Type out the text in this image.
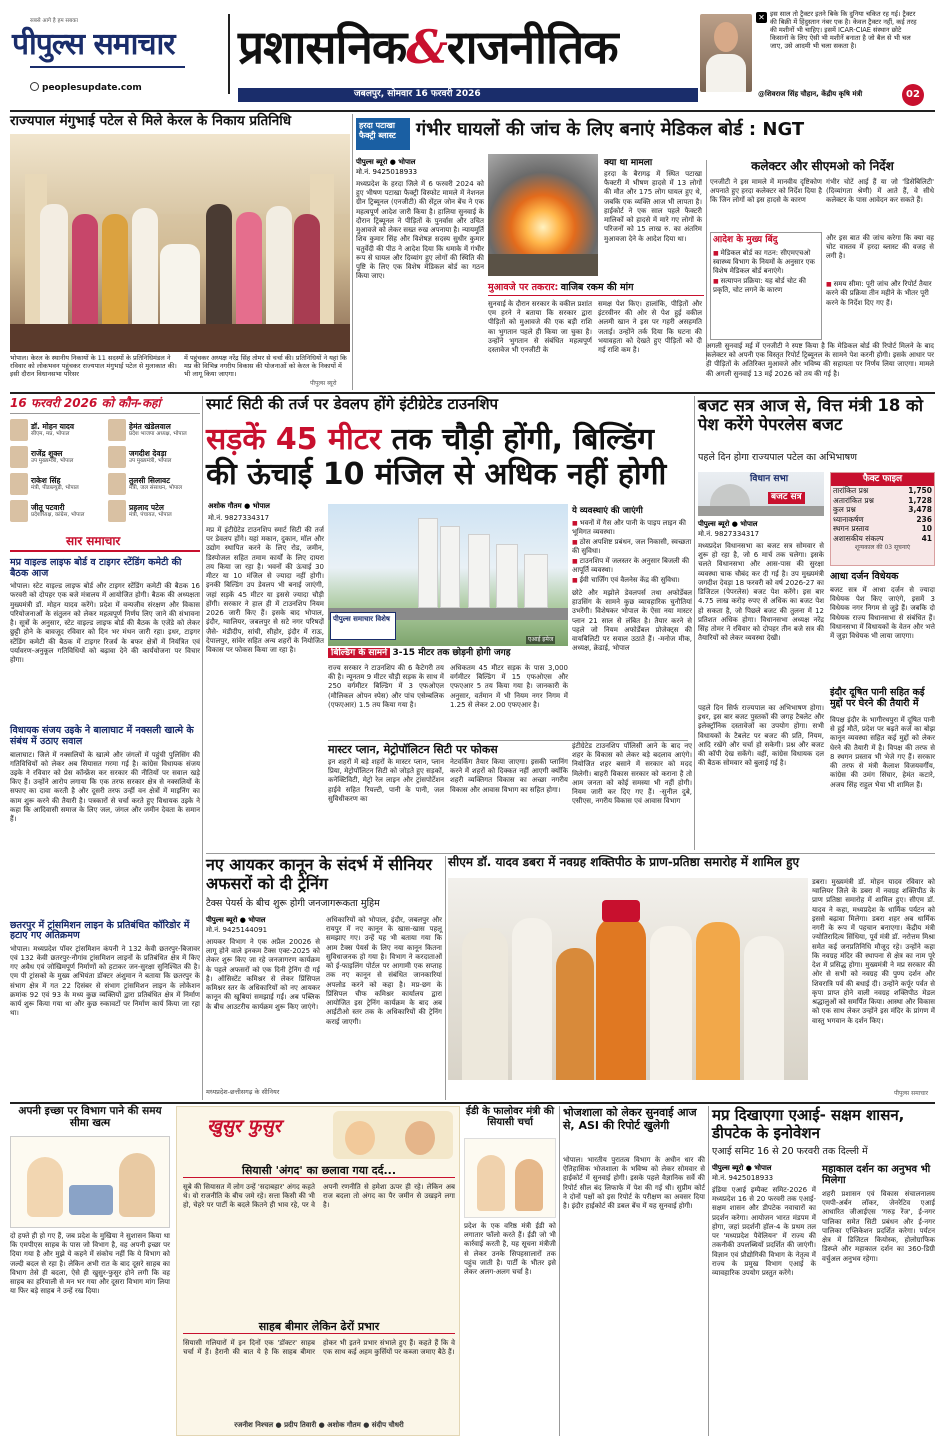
सबसे आगे है हम सबका
पीपुल्स समाचार
peoplesupdate.com
प्रशासनिक&राजनीतिक
जबलपुर, सोमवार 16 फरवरी 2026
✕ इस साल तो ट्रैक्टर इतने बिके कि दुनिया चकित रह गई। ट्रैक्टर की बिक्री में हिंदुस्तान नंबर एक है। केवल ट्रैक्टर नहीं, कई तरह की मशीनों भी चाहिए। इसमें ICAR-CIAE संस्थान छोटे किसानों के लिए ऐसी भी मशीनें बनाता है जो बैल से भी चल जाए, उसे आदमी भी चला सकता है।
@शिवराज सिंह चौहान, केंद्रीय कृषि मंत्री	02
राज्यपाल मंगुभाई पटेल से मिले केरल के निकाय प्रतिनिधि
भोपाल। केरल के स्थानीय निकायों के 11 सदस्यों के प्रतिनिधिमंडल ने रविवार को लोकभवन पहुंचकर राज्यपाल मंगुभाई पटेल से मुलाकात की। इसी दौरान विधानसभा परिसर
में पहुंचकर अध्यक्ष नरेंद्र सिंह तोमर से चर्चा की। प्रतिनिधियों ने यहां कि मप्र की विभिन्न नगरीय विकास की योजनाओं को केरल के निकायों में भी लागू किया जाएगा।
पीपुल्स ब्यूरो
हरदा पटाखा फैक्ट्री ब्लास्ट	गंभीर घायलों की जांच के लिए बनाएं मेडिकल बोर्ड : NGT
पीपुल्स ब्यूरो ● भोपाल
मो.नं. 9425018933
मध्यप्रदेश के हरदा जिले में 6 फरवरी 2024 को हुए भीषण पटाखा फैक्ट्री विस्फोट मामले में नेशनल ग्रीन ट्रिब्यूनल (एनजीटी) की सेंट्रल जोन बेंच ने एक महत्वपूर्ण आदेश जारी किया है। हालिया सुनवाई के दौरान ट्रिब्यूनल ने पीड़ितों के पुनर्वास और उचित मुआवजे को लेकर सख्त रुख अपनाया है। न्यायमूर्ति शिव कुमार सिंह और विशेषज्ञ सदस्य सुधीर कुमार चतुर्वेदी की पीठ ने आदेश दिया कि धमाके में गंभीर रूप से घायल और दिव्यांग हुए लोगों की स्थिति की पुष्टि के लिए एक विशेष मेडिकल बोर्ड का गठन किया जाए।
क्या था मामला
हरदा के बैरागढ़ में स्थित पटाखा फैक्टरी में भीषण हादसे में 13 लोगों की मौत और 175 लोग घायल हुए थे, जबकि एक व्यक्ति आज भी लापता है। हाईकोर्ट ने एक साल पहले फैक्टरी मालिकों को हादसे में मारे गए लोगों के परिजनों को 15 लाख रु. का अंतरिम मुआवजा देने के आदेश दिया था।
मुआवजे पर तकरार: वाजिब रकम की मांग
सुनवाई के दौरान सरकार के वकील प्रशांत एम हरने ने बताया कि सरकार द्वारा पीड़ितों को मुआवजे की एक बड़ी राशि का भुगतान पहले ही किया जा चुका है। उन्होंने भुगतान से संबंधित महत्वपूर्ण दस्तावेज भी एनजीटी के
समक्ष पेश किए। हालांकि, पीड़ितों और इंटरवीनर की ओर से पेश हुई वकील अलमी खान ने इस पर गहरी असहमति जताई। उन्होंने तर्क दिया कि घटना की भयावहता को देखते हुए पीड़ितों को दी गई राशि कम है।
कलेक्टर और सीएमओ को निर्देश
एनजीटी ने इस मामले में मानवीय दृष्टिकोण अपनाते हुए हरदा कलेक्टर को निर्देश दिया है कि जिन लोगों को इस हादसे के कारण
गंभीर चोटें आई हैं या जो 'डिसेबिलिटी' (दिव्यांगता श्रेणी) में आते हैं, वे सीधे कलेक्टर के पास आवेदन कर सकते हैं।
आदेश के मुख्य बिंदु
■ मेडिकल बोर्ड का गठन: सीएमएचओ स्वास्थ्य विभाग के नियमों के अनुसार एक विशेष मेडिकल बोर्ड बनाएंगे।
■ सत्यापन प्रक्रिया: यह बोर्ड चोट की प्रकृति, चोट लगने के कारण
और इस बात की जांच करेगा कि क्या वह चोट वास्तव में हरदा ब्लास्ट की वजह से लगी है।
■ समय सीमा: पूरी जांच और रिपोर्ट तैयार करने की प्रक्रिया तीन महीने के भीतर पूरी करने के निर्देश दिए गए हैं।
अगली सुनवाई मई में एनजीटी ने स्पष्ट किया है कि मेडिकल बोर्ड की रिपोर्ट मिलने के बाद कलेक्टर को अपनी एक विस्तृत रिपोर्ट ट्रिब्यूनल के सामने पेश करनी होगी। इसके आधार पर ही पीड़ितों के अतिरिक्त मुआवजे और भविष्य की सहायता पर निर्णय लिया जाएगा। मामले की अगली सुनवाई 13 मई 2026 को तय की गई है।
16 फरवरी 2026 को कौन-कहां
डॉ. मोहन यादव
सीएम, मप्र, भोपाल
हेमंत खंडेलवाल
प्रदेश भाजपा अध्यक्ष, भोपाल
राजेंद्र शुक्ल
उप मुख्यमंत्री, भोपाल
जगदीश देवड़ा
उप मुख्यमंत्री, भोपाल
राकेश सिंह
मंत्री, पीडब्ल्यूडी, भोपाल
तुलसी सिलावट
मंत्री, जल संसाधन, भोपाल
जीतू पटवारी
प्रदेशाध्यक्ष, कांग्रेस, भोपाल
प्रहलाद पटेल
मंत्री, पंचायत, भोपाल
सार समाचार
मप्र वाइल्ड लाइफ बोर्ड व टाइगर स्टेंडिंग कमेटी की बैठक आज
भोपाल। स्टेट वाइल्ड लाइफ बोर्ड और टाइगर स्टेंडिंग कमेटी की बैठक 16 फरवरी को दोपहर एक बजे मंत्रालय में आयोजित होगी। बैठक की अध्यक्षता मुख्यमंत्री डॉ. मोहन यादव करेंगे। प्रदेश में वन्यजीव संरक्षण और विकास परियोजनाओं के संतुलन को लेकर महत्वपूर्ण निर्णय लिए जाने की संभावना है। सूत्रों के अनुसार, स्टेट वाइल्ड लाइफ बोर्ड की बैठक के एजेंडे को लेकर छुट्टी होने के बावजूद रविवार को दिन भर मंथन जारी रहा। इधर, टाइगर स्टेंडिंग कमेटी की बैठक में टाइगर रिजर्व के बफर क्षेत्रों में नियंत्रित एवं पर्यावरण-अनुकूल गतिविधियों को बढ़ावा देने की कार्ययोजना पर विचार होगा।
विधायक संजय उइके ने बालाघाट में नक्सली खात्मे के संबंध में उठाए सवाल
बालाघाट। जिले में नक्सलियों के खात्मे और जंगलों में पहुंची पुलिसिंग की गतिविधियों को लेकर अब सियासत गरमा गई है। कांग्रेस विधायक संजय उइके ने रविवार को प्रेस कॉन्फ्रेंस कर सरकार की नीतियों पर सवाल खड़े किए हैं। उन्होंने आरोप लगाया कि एक तरफ सरकार क्षेत्र से नक्सलियों के सफाए का दावा करती है और दूसरी तरफ उन्हीं वन क्षेत्रों में माइनिंग का काम शुरू करने की तैयारी है। पत्रकारों से चर्चा करते हुए विधायक उइके ने कहा कि आदिवासी समाज के लिए जल, जंगल और जमीन देवता के समान हैं।
छतरपुर में ट्रांसमिशन लाइन के प्रतिबंधित कॉरिडोर में हटाए गए अतिक्रमण
भोपाल। मध्यप्रदेश पॉवर ट्रांसमिशन कंपनी ने 132 केवी छतरपुर-बिजावर एवं 132 केवी छतरपुर-नौगांव ट्रांसमिशन लाइनों के प्रतिबंधित क्षेत्र में किए गए अवैध एवं जोखिमपूर्ण निर्माणों को हटाकर जन-सुरक्षा सुनिश्चित की है। एम पी ट्रांसको के मुख्य अभियंता डॉक्टर अंशुमान ने बताया कि छतरपुर के संभाग क्षेत्र में गत 22 दिसंबर से संभाग ट्रांसमिशन लाइन के लोकेशन क्रमांक 92 एवं 93 के मध्य कुछ व्यक्तियों द्वारा प्रतिबंधित क्षेत्र में निर्माण कार्य शुरू किया गया था और कुछ रुकावटों पर निर्माण कार्य किया जा रहा था।
स्मार्ट सिटी की तर्ज पर डेवलप होंगे इंटीग्रेटेड टाउनशिप
सड़कें 45 मीटर तक चौड़ी होंगी, बिल्डिंग की ऊंचाई 10 मंजिल से अधिक नहीं होगी
अशोक गौतम ● भोपाल
मो.नं. 9827334317
मप्र में इंटीग्रेटेड टाउनशिप स्मार्ट सिटी की तर्ज पर डेवलप होंगे। यहां मकान, दुकान, मॉल और उद्योग स्थापित करने के लिए रोड, जमीन, डिस्पोजल सहित तमाम कार्यों के लिए दायरा तय किया जा रहा है। भवनों की ऊंचाई 30 मीटर या 10 मंजिल से ज्यादा नहीं होगी। इनकी बिल्डिंग उप डेवलप भी बनाई जाएंगी, जहां सड़कें 45 मीटर या इससे ज्यादा चौड़ी होंगी। सरकार ने हाल ही में टाउनशिप नियम 2026 जारी किए हैं। इसके बाद भोपाल, इंदौर, ग्वालियर, जबलपुर से सटे नगर परिषदों जैसे- मंडीदीप, सांची, सीहोर, इंदौर में राऊ, देपालपुर, सांवेर सहित अन्य शहरों के नियोजित विकास पर फोकस किया जा रहा है।
पीपुल्स समाचार विशेष
एआई इमेज
बिल्डिंग के सामने 3-15 मीटर तक छोड़नी होगी जगह
राज्य सरकार ने टाउनशिप की 6 कैटेगरी तय की है। न्यूनतम 9 मीटर चौड़ी सड़क के साथ में 250 वर्गमीटर बिल्डिंग में 3 एफओएल (मौलिकल ओपन स्पेस) और पांच एसेम्बलिक (एफएआर) 1.5 तय किया गया है।
अधिकतम 45 मीटर सड़क के पास 3,000 वर्गमीटर बिल्डिंग में 15 एफओएस और एफएआर 5 तय किया गया है। जानकारी के अनुसार, वर्तमान में भी नियम नगर निगम में 1.25 से लेकर 2.00 एफएआर है।
मास्टर प्लान, मेट्रोपॉलिटन सिटी पर फोकस
इन शहरों में बड़े शहरों के मास्टर प्लान, प्लान प्रिया, मेट्रोपॉलिटन सिटी को जोड़ते हुए सड़कों, कनेक्टिविटी, मेट्रो रेल लाइन और ट्रांसपोर्टेशन हाईवे सहित रियल्टी, पानी के पानी, जल सुविधीकरण का
नेटवर्किंग तैयार किया जाएगा। इसकी प्लानिंग करने में शहरों को दिक्कत नहीं आएगी क्योंकि शहरी व्यक्तिगत विकास का अच्छा नगरीय विकास और आवास विभाग का सहित होगा।
ये व्यवस्थाएं की जाएंगी
■ भवनों में गैस और पानी के पाइप लाइन की भूमिगत व्यवस्था।
■ ठोस अपशिष्ट प्रबंधन, जल निकासी, स्वच्छता की सुविधा।
■ टाउनशिप में जलस्तर के अनुसार बिजली की आपूर्ति व्यवस्था।
■ ईवी चार्जिंग एवं वैलनेस केंद्र की सुविधा।
छोटे और मझोले डेवलपर्स तथा अफोर्डेबल हाउसिंग के सामने कुछ व्यावहारिक चुनौतियां उभरेंगी। विशेषकर भोपाल के ऐसा नया मास्टर प्लान 21 साल से लंबित है। तैयार करने से पहले जो नियम अफोर्डेबल प्रोजेक्ट्स की वायबिलिटी पर सवाल उठाते हैं। -मनोज मीक, अध्यक्ष, क्रेडाई, भोपाल
इंटीग्रेटेड टाउनशिप पॉलिसी आने के बाद नए शहर के विकास को लेकर बड़े बदलाव आएंगे। नियोजित शहर बसाने में सरकार को मदद मिलेगी। बाहरी विकास सरकार को कराना है तो आम जनता को कोई समस्या भी नहीं होगी। नियम जारी कर दिए गए हैं। -सुनील दुबे, एसीएस, नगरीय विकास एवं आवास विभाग
बजट सत्र आज से, वित्त मंत्री 18 को पेश करेंगे पेपरलेस बजट
पहले दिन होगा राज्यपाल पटेल का अभिभाषण
विधान सभा
बजट सत्र
पीपुल्स ब्यूरो ● भोपाल
मो.नं. 9827334317
मध्यप्रदेश विधानसभा का बजट सत्र सोमवार से शुरू हो रहा है, जो 6 मार्च तक चलेगा। इसके चलते विधानसभा और आस-पास की सुरक्षा व्यवस्था चाक चौबंद कर दी गई है। उप मुख्यमंत्री जगदीश देवड़ा 18 फरवरी को वर्ष 2026-27 का डिजिटल (पेपरलेस) बजट पेश करेंगे। इस बार 4.75 लाख करोड़ रुपए से अधिक का बजट पेश हो सकता है, जो पिछले बजट की तुलना में 12 प्रतिशत अधिक होगा। विधानसभा अध्यक्ष नरेंद्र सिंह तोमर ने रविवार को दोपहर तीन बजे सत्र की तैयारियों को लेकर व्यवस्था देखी।
पहले दिन सिर्फ राज्यपाल का अभिभाषण होगा। इधर, इस बार बजट पुस्तकों की जगह टैबलेट और इलेक्ट्रॉनिक दस्तावेजों का उपयोग होगा। सभी विधायकों के टैबलेट पर बजट की प्रति, नियम, आदि रखेंगे और चर्चा हो सकेगी। प्रश्न और बजट की कॉपी देख सकेंगे। वहीं, कांग्रेस विधायक दल की बैठक सोमवार को बुलाई गई है।
फैक्ट फाइल
तारांकित प्रश्न	1,750
अतारांकित प्रश्न	1,728
कुल प्रश्न	3,478
ध्यानाकर्षण	236
स्थगन प्रस्ताव	10
अशासकीय संकल्प	41
शून्यकाल की 03 सूचनाएं
आधा दर्जन विधेयक
बजट सत्र में आधा दर्जन से ज्यादा विधेयक पेश किए जाएंगे, इसमें 3 विधेयक नगर निगम से जुड़े हैं। जबकि दो विधेयक राज्य विधानसभा से संबंधित हैं। विधानसभा में विधायकों के वेतन और भत्ते में जुड़ा विधेयक भी लाया जाएगा।
इंदौर दूषित पानी सहित कई मुद्दों पर घेरने की तैयारी में
विपक्ष इंदौर के भागीरथपुरा में दूषित पानी से हुई मौतें, प्रदेश पर बढ़ते कर्ज का बोझ कानून व्यवस्था सहित कई मुद्दों को लेकर घेरने की तैयारी में है। विपक्ष की तरफ से 8 स्थगन प्रस्ताव भी भेजे गए हैं। सरकार की तरफ से मंत्री कैलाश विजयवर्गीय, कांग्रेस की उमंग सिंघार, हेमंत कटारे, अजय सिंह राहुल भैया भी शामिल हैं।
नए आयकर कानून के संदर्भ में सीनियर अफसरों को दी ट्रेनिंग
टैक्स पेयर्स के बीच शुरू होगी जनजागरूकता मुहिम
पीपुल्स ब्यूरो ● भोपाल
मो.नं. 9425144091
आयकर विभाग ने एक अप्रैल 20026 से लागू होने वाले इनकम टैक्स एक्ट-2025 को लेकर शुरू किए जा रहे जनजागरण कार्यक्रम के पहले अफसरों को एक दिनी ट्रेनिंग दी गई है। ऑसिस्टेंट कमिश्नर से लेकर प्रिंसिपल कमिश्नर स्तर के अधिकारियों को नए आयकर कानून की खूबियां समझाई गईं। अब पब्लिक के बीच आउटरीच कार्यक्रम शुरू किए जाएंगे।
अधिकारियों को भोपाल, इंदौर, जबलपुर और रायपुर में नए कानून के खास-खास पहलू समझाए गए। उन्हें यह भी बताया गया कि आम टैक्स पेयर्स के लिए नया कानून कितना सुविधाजनक हो गया है। विभाग ने करदाताओं को ई-फाइलिंग पोर्टल पर आगामी एक सप्ताह तक नए कानून से संबंधित जानकारियां अपलोड करने को कहा है। मप्र-छग के प्रिंसिपल चीफ कमिश्नर कार्यालय द्वारा आयोजित इस ट्रेनिंग कार्यक्रम के बाद अब आईटीओ स्तर तक के अधिकारियों की ट्रेनिंग कराई जाएगी।
मध्यप्रदेश-छत्तीसगढ़ के सीनियर
सीएम डॉ. यादव डबरा में नवग्रह शक्तिपीठ के प्राण-प्रतिष्ठा समारोह में शामिल हुए
डबरा। मुख्यमंत्री डॉ. मोहन यादव रविवार को ग्वालियर जिले के डबरा में नवग्रह शक्तिपीठ के प्राण प्रतिष्ठा समारोह में शामिल हुए। सीएम डॉ. यादव ने कहा, मध्यप्रदेश के धार्मिक पर्यटन को इससे बढ़ावा मिलेगा। डबरा शहर अब धार्मिक नगरी के रूप में पहचान बनाएगा। केंद्रीय मंत्री ज्योतिरादित्य सिंधिया, पूर्व मंत्री डॉ. नरोत्तम मिश्रा समेत कई जनप्रतिनिधि मौजूद रहे। उन्होंने कहा कि नवग्रह मंदिर की स्थापना से क्षेत्र का नाम पूरे देश में प्रसिद्ध होगा। मुख्यमंत्री ने मप्र सरकार की ओर से सभी को नवग्रह की पुण्य दर्शन और शिवरात्रि पर्व की बधाई दी। उन्होंने कर्पूर पर्वत से कृपा प्राप्त होने वाली नवग्रह शक्तिपीठ मेडल श्रद्धालुओं को समर्पित किया। आस्था और विकास को एक साथ लेकर उन्होंने इस मंदिर के प्रांगण में वास्तु भगवान के दर्शन किए।
पीपुल्स समाचार
अपनी इच्छा पर विभाग पाने की समय सीमा खत्म
दो हफ्ते ही हो गए हैं, जब प्रदेश के मुखिया ने सुशासन किया था कि एमपीएस साहब के पास जो विभाग है, वह अपनी इच्छा पर दिया गया है और मुझे ये कहने में संकोच नहीं कि ये विभाग को जल्दी बदल से रहा है। लेकिन अभी रात के बाद दूसरे साहब का विभाग तेसे ही बदला, ऐसे ही खुसुर-फुसुर होने लगी कि वह साहब का हरियाली से मन भर गया और दूसरा विभाग मांग लिया या फिर बड़े साहब ने उन्हें रख दिया।
खुसुर फुसुर
सियासी 'अंगद' का छलावा गया दर्द...
सूबे की सियासत में लोग उन्हें 'सदाबहार' अंगद कहते थे। वो राजनीति के बीच जमे रहे। सत्ता किसी की भी हो, चेहरे पर पार्टी के बदले कितने ही भाव रहे, पर वे अपनी रणनीति से हमेशा ऊपर ही रहे। लेकिन अब राज बदला तो अंगद का पैर जमीन से उखड़ने लगा है।
साहब बीमार लेकिन ढेरों प्रभार
सियासी गलियारों में इन दिनों एक 'डॉक्टर' साहब चर्चा में हैं। हैरानी की बात ये है कि साहब बीमार होकर भी इतने प्रभार संभाले हुए हैं। कहते हैं कि वे एक साथ कई अहम कुर्सियों पर कब्जा जमाए बैठे हैं।
रजनीश निश्चल ● प्रदीप तिवारी ● अशोक गौतम ● संदीप चौधरी
ईडी के फालोवर मंत्री की सियासी चर्चा
प्रदेश के एक वरिष्ठ मंत्री ईडी को लगातार फॉलो करते हैं। ईडी जो भी कार्रवाई करती है, यह सूचना मंत्रीजी से लेकर उनके सिपहसालारों तक पहुंच जाती है। पार्टी के भीतर इसे लेकर अलग-अलग चर्चा है।
भोजशाला को लेकर सुनवाई आज से, ASI की रिपोर्ट खुलेगी
भोपाल। भारतीय पुरातत्व विभाग के अधीन धार की ऐतिहासिक भोजशाला के भविष्य को लेकर सोमवार से हाईकोर्ट में सुनवाई होगी। इसके पहले वैज्ञानिक सर्वे की रिपोर्ट सील बंद लिफाफे में पेश की गई थी। सुप्रीम कोर्ट ने दोनों पक्षों को इस रिपोर्ट के परीक्षण का अवसर दिया है। इंदौर हाईकोर्ट की डबल बेंच में यह सुनवाई होगी।
मप्र दिखाएगा एआई- सक्षम शासन, डीपटेक के इनोवेशन
एआई समिट 16 से 20 फरवरी तक दिल्ली में
पीपुल्स ब्यूरो ● भोपाल
मो.नं. 9425018933
इंडिया एआई इम्पैक्ट समिट-2026 में मध्यप्रदेश 16 से 20 फरवरी तक एआई-सक्षम शासन और डीपटेक नवाचारों का प्रदर्शन करेगा। आयोजन भारत मंडपम में होगा, जहां प्रदर्शनी हॉल-4 के प्रथम तल पर 'मध्यप्रदेश पैवेलियन' में राज्य की तकनीकी उपलब्धियों प्रदर्शित की जाएंगी। विज्ञान एवं प्रौद्योगिकी विभाग के नेतृत्व में राज्य के प्रमुख विभाग एआई के व्यावहारिक उपयोग प्रस्तुत करेंगे।
महाकाल दर्शन का अनुभव भी मिलेगा
शहरी प्रशासन एवं विकास संचालनालय एमपी-अर्बन लॉकर, जेनरेटिव एआई आधारित जीआईएस 'गरुड़ रेंज', ई-नगर पालिका समेत सिटी प्रबंधन और ई-नगर पालिका एप्लिकेशन प्रदर्शित करेगा। पर्यटन क्षेत्र में डिजिटल कियोस्क, होलोग्राफिक डिस्प्ले और महाकाल दर्शन का 360-डिग्री वर्चुअल अनुभव रहेगा।
